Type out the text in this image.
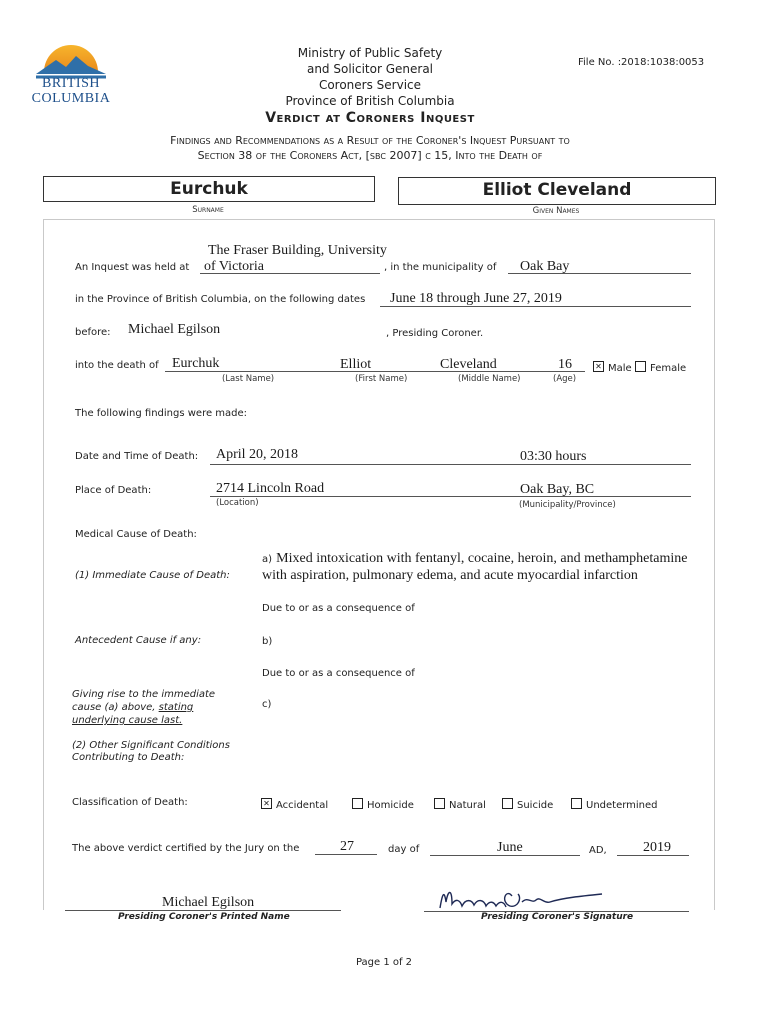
BRITISH
COLUMBIA
Ministry of Public Safety
and Solicitor General
Coroners Service
Province of British Columbia
File No. :2018:1038:0053
Verdict at Coroners Inquest
Findings and Recommendations as a Result of the Coroner's Inquest Pursuant to
Section 38 of the Coroners Act, [sbc 2007] c 15, Into the Death of
Eurchuk
Surname
Elliot Cleveland
Given Names
An Inquest was held at
The Fraser Building, University
of Victoria	, in the municipality of Oak Bay
in the Province of British Columbia, on the following dates June 18 through June 27, 2019
before: Michael Egilson	, Presiding Coroner.
into the death of Eurchuk	Elliot	Cleveland	16
(Last Name)	(First Name)	(Middle Name)	(Age)
✕Male	Female
The following findings were made:
Date and Time of Death: April 20, 2018	03:30 hours
Place of Death:	2714 Lincoln Road	Oak Bay, BC
(Location)	(Municipality/Province)
Medical Cause of Death:
(1) Immediate Cause of Death:
a) Mixed intoxication with fentanyl, cocaine, heroin, and methamphetamine
with aspiration, pulmonary edema, and acute myocardial infarction
Due to or as a consequence of
Antecedent Cause if any:	b)
Due to or as a consequence of
Giving rise to the immediate
cause (a) above, stating
underlying cause last.
c)
(2) Other Significant Conditions
Contributing to Death:
Classification of Death:
✕	Accidental	Homicide	Natural	Suicide	Undetermined
The above verdict certified by the Jury on the	27	day of	June	AD,	2019
Michael Egilson
Presiding Coroner's Printed Name	Presiding Coroner's Signature
Page 1 of 2
